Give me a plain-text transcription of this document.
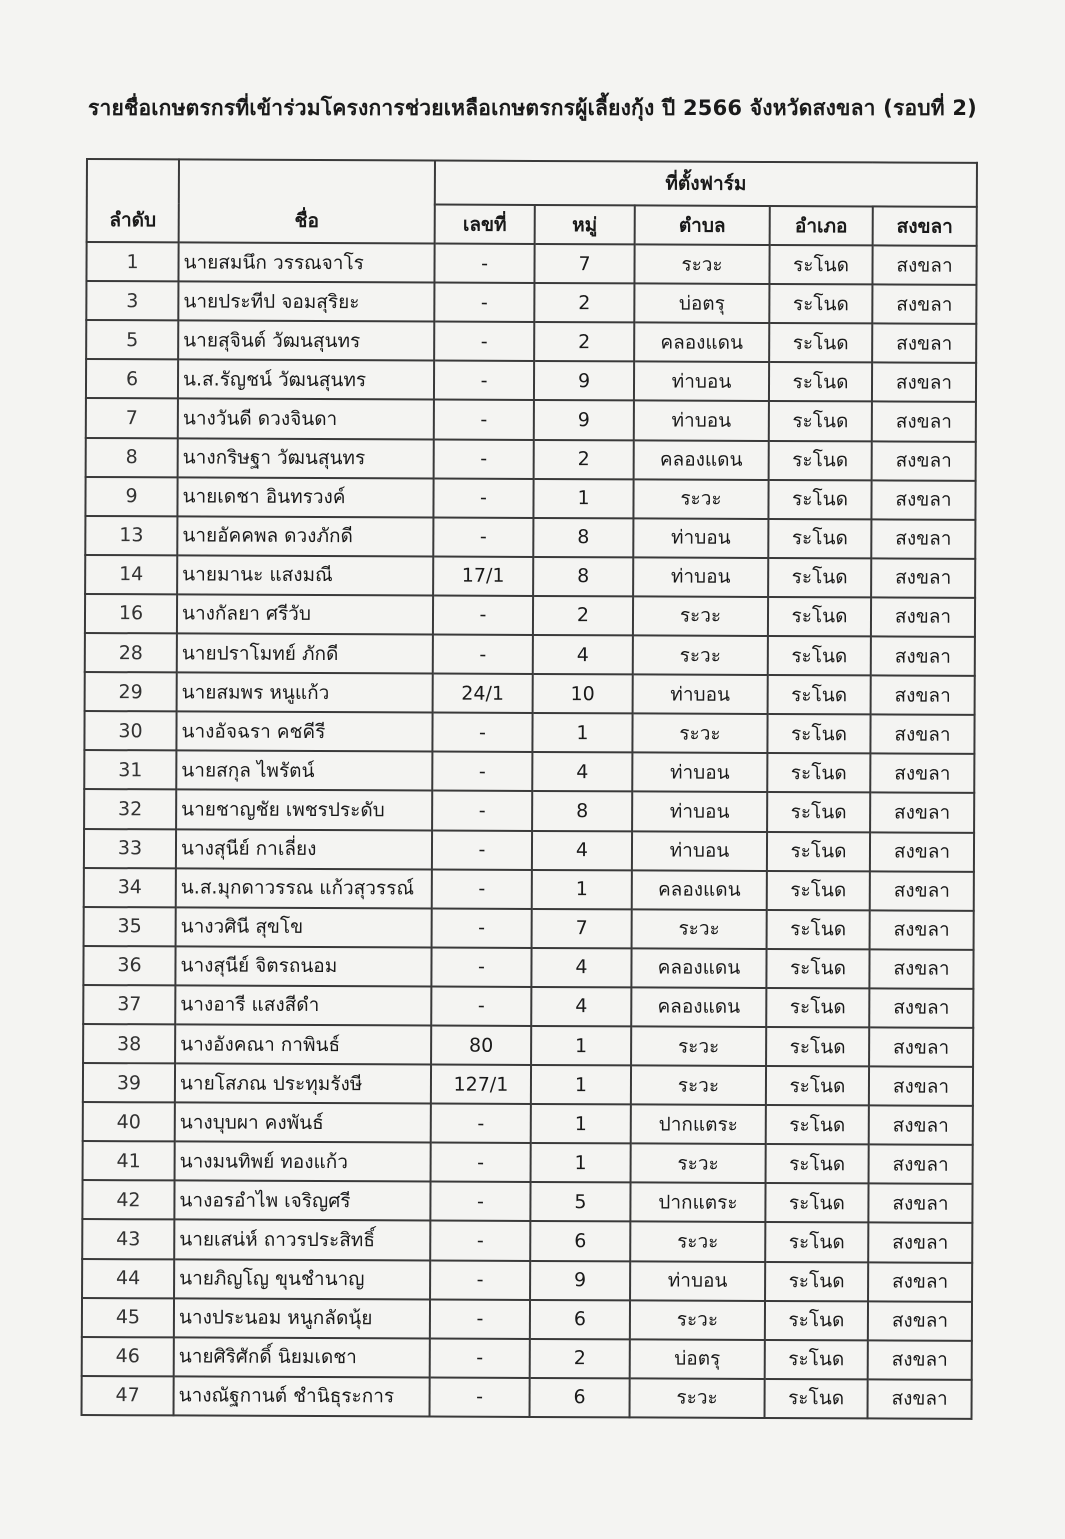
รายชื่อเกษตรกรที่เข้าร่วมโครงการช่วยเหลือเกษตรกรผู้เลี้ยงกุ้ง ปี 2566 จังหวัดสงขลา (รอบที่ 2)
ลำดับ	ชื่อ	ที่ตั้งฟาร์ม				
		เลขที่	หมู่	ตำบล	อำเภอ	สงขลา
1	นายสมนึก วรรณจาโร	-	7	ระวะ	ระโนด	สงขลา
3	นายประทีป จอมสุริยะ	-	2	บ่อตรุ	ระโนด	สงขลา
5	นายสุจินต์ วัฒนสุนทร	-	2	คลองแดน	ระโนด	สงขลา
6	น.ส.รัญชน์ วัฒนสุนทร	-	9	ท่าบอน	ระโนด	สงขลา
7	นางวันดี ดวงจินดา	-	9	ท่าบอน	ระโนด	สงขลา
8	นางกริษฐา วัฒนสุนทร	-	2	คลองแดน	ระโนด	สงขลา
9	นายเดชา อินทรวงค์	-	1	ระวะ	ระโนด	สงขลา
13	นายอัคคพล ดวงภักดี	-	8	ท่าบอน	ระโนด	สงขลา
14	นายมานะ แสงมณี	17/1	8	ท่าบอน	ระโนด	สงขลา
16	นางกัลยา ศรีวับ	-	2	ระวะ	ระโนด	สงขลา
28	นายปราโมทย์ ภักดี	-	4	ระวะ	ระโนด	สงขลา
29	นายสมพร หนูแก้ว	24/1	10	ท่าบอน	ระโนด	สงขลา
30	นางอัจฉรา คชคีรี	-	1	ระวะ	ระโนด	สงขลา
31	นายสกุล ไพรัตน์	-	4	ท่าบอน	ระโนด	สงขลา
32	นายชาญชัย เพชรประดับ	-	8	ท่าบอน	ระโนด	สงขลา
33	นางสุนีย์ กาเลี่ยง	-	4	ท่าบอน	ระโนด	สงขลา
34	น.ส.มุกดาวรรณ แก้วสุวรรณ์	-	1	คลองแดน	ระโนด	สงขลา
35	นางวศินี สุขโข	-	7	ระวะ	ระโนด	สงขลา
36	นางสุนีย์ จิตรถนอม	-	4	คลองแดน	ระโนด	สงขลา
37	นางอารี แสงสีดำ	-	4	คลองแดน	ระโนด	สงขลา
38	นางอังคณา กาพินธ์	80	1	ระวะ	ระโนด	สงขลา
39	นายโสภณ ประทุมรังษี	127/1	1	ระวะ	ระโนด	สงขลา
40	นางบุบผา คงพันธ์	-	1	ปากแตระ	ระโนด	สงขลา
41	นางมนทิพย์ ทองแก้ว	-	1	ระวะ	ระโนด	สงขลา
42	นางอรอำไพ เจริญศรี	-	5	ปากแตระ	ระโนด	สงขลา
43	นายเสน่ห์ ถาวรประสิทธิ์	-	6	ระวะ	ระโนด	สงขลา
44	นายภิญโญ ขุนชำนาญ	-	9	ท่าบอน	ระโนด	สงขลา
45	นางประนอม หนูกลัดนุ้ย	-	6	ระวะ	ระโนด	สงขลา
46	นายศิริศักดิ์ นิยมเดชา	-	2	บ่อตรุ	ระโนด	สงขลา
47	นางณัฐกานต์ ชำนิธุระการ	-	6	ระวะ	ระโนด	สงขลา
